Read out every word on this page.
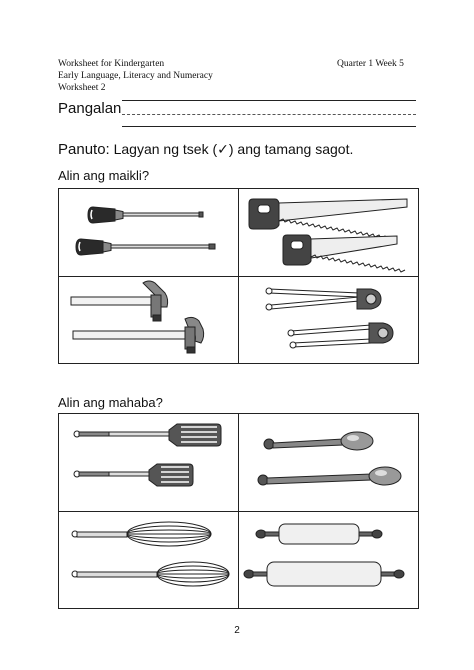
Worksheet for Kindergarten
Early Language, Literacy and Numeracy
Worksheet 2
Quarter 1 Week 5
Pangalan
Panuto: Lagyan ng tsek (✓) ang tamang sagot.
Alin ang maikli?
Alin ang mahaba?
2
